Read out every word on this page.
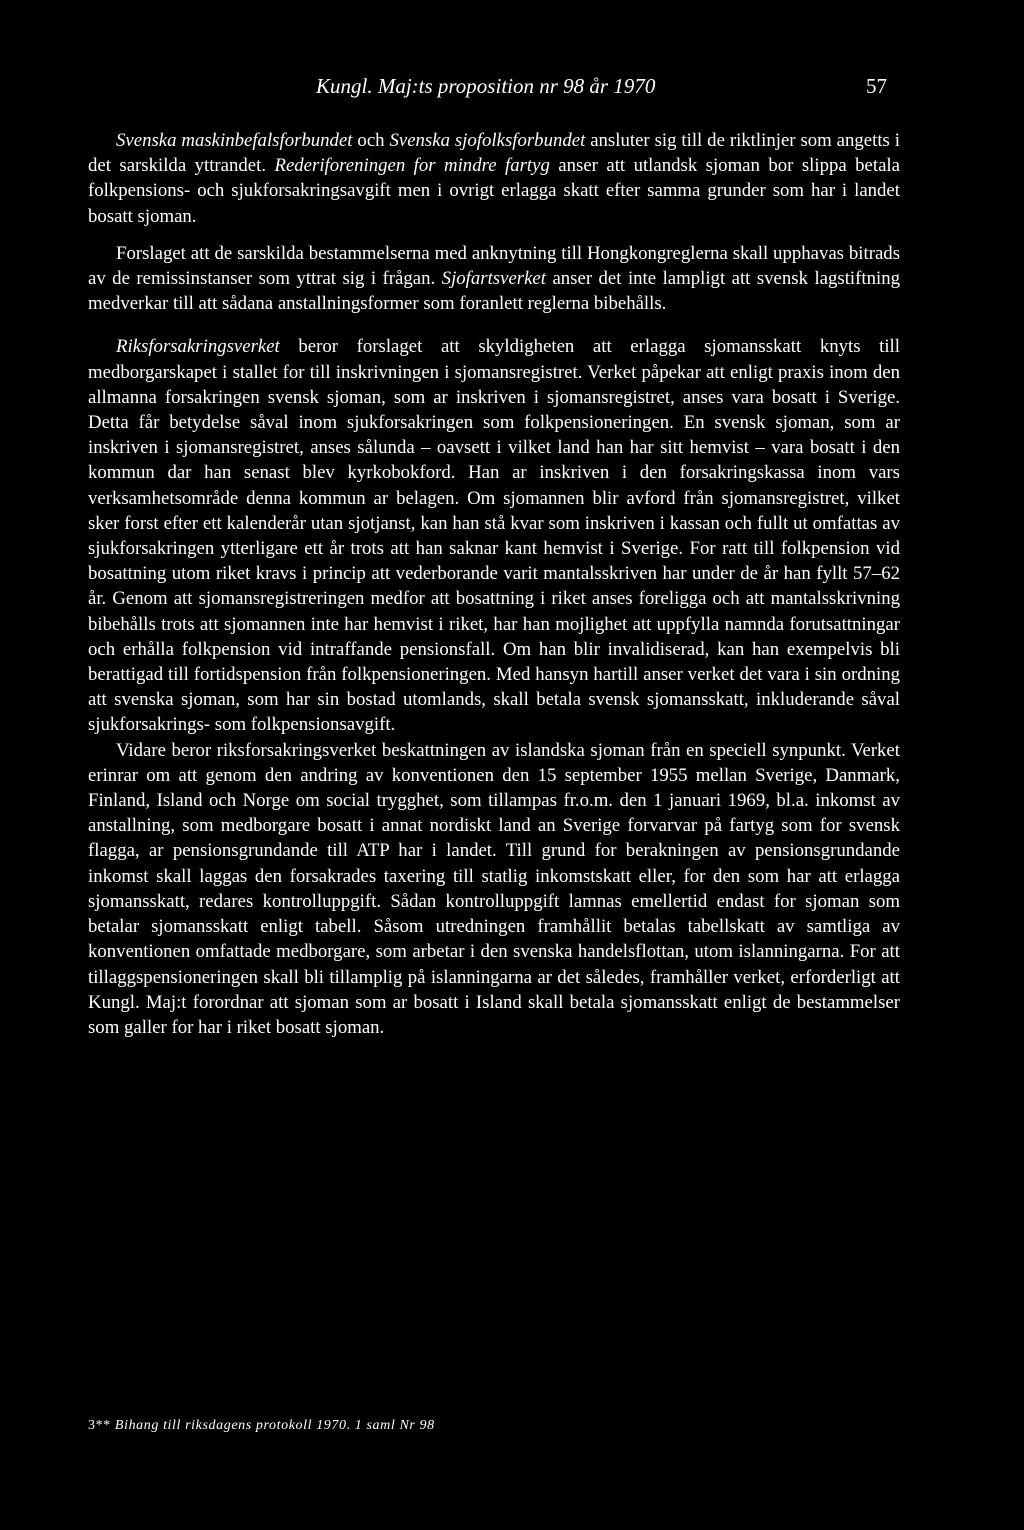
Kungl. Maj:ts proposition nr 98 år 1970	57

Svenska maskinbefalsforbundet och Svenska sjofolksforbundet ansluter sig till de riktlinjer som angetts i det sarskilda yttrandet. Rederiforeningen for mindre fartyg anser att utlandsk sjoman bor slippa betala folkpensions- och sjukforsakringsavgift men i ovrigt erlagga skatt efter samma grunder som har i landet bosatt sjoman.

Forslaget att de sarskilda bestammelserna med anknytning till Hongkongreglerna skall upphavas bitrads av de remissinstanser som yttrat sig i frågan. Sjofartsverket anser det inte lampligt att svensk lagstiftning medverkar till att sådana anstallningsformer som foranlett reglerna bibehålls.

Riksforsakringsverket beror forslaget att skyldigheten att erlagga sjomansskatt knyts till medborgarskapet i stallet for till inskrivningen i sjomansregistret. Verket påpekar att enligt praxis inom den allmanna forsakringen svensk sjoman, som ar inskriven i sjomansregistret, anses vara bosatt i Sverige. Detta får betydelse såval inom sjukforsakringen som folkpensioneringen. En svensk sjoman, som ar inskriven i sjomansregistret, anses sålunda – oavsett i vilket land han har sitt hemvist – vara bosatt i den kommun dar han senast blev kyrkobokford. Han ar inskriven i den forsakringskassa inom vars verksamhetsområde denna kommun ar belagen. Om sjomannen blir avford från sjomansregistret, vilket sker forst efter ett kalenderår utan sjotjanst, kan han stå kvar som inskriven i kassan och fullt ut omfattas av sjukforsakringen ytterligare ett år trots att han saknar kant hemvist i Sverige. For ratt till folkpension vid bosattning utom riket kravs i princip att vederborande varit mantalsskriven har under de år han fyllt 57–62 år. Genom att sjomansregistreringen medfor att bosattning i riket anses foreligga och att mantalsskrivning bibehålls trots att sjomannen inte har hemvist i riket, har han mojlighet att uppfylla namnda forutsattningar och erhålla folkpension vid intraffande pensionsfall. Om han blir invalidiserad, kan han exempelvis bli berattigad till fortidspension från folkpensioneringen. Med hansyn hartill anser verket det vara i sin ordning att svenska sjoman, som har sin bostad utomlands, skall betala svensk sjomansskatt, inkluderande såval sjukforsakrings- som folkpensionsavgift.

Vidare beror riksforsakringsverket beskattningen av islandska sjoman från en speciell synpunkt. Verket erinrar om att genom den andring av konventionen den 15 september 1955 mellan Sverige, Danmark, Finland, Island och Norge om social trygghet, som tillampas fr.o.m. den 1 januari 1969, bl.a. inkomst av anstallning, som medborgare bosatt i annat nordiskt land an Sverige forvarvar på fartyg som for svensk flagga, ar pensionsgrundande till ATP har i landet. Till grund for berakningen av pensionsgrundande inkomst skall laggas den forsakrades taxering till statlig inkomstskatt eller, for den som har att erlagga sjomansskatt, redares kontrolluppgift. Sådan kontrolluppgift lamnas emellertid endast for sjoman som betalar sjomansskatt enligt tabell. Såsom utredningen framhållit betalas tabellskatt av samtliga av konventionen omfattade medborgare, som arbetar i den svenska handelsflottan, utom islanningarna. For att tillaggspensioneringen skall bli tillamplig på islanningarna ar det således, framhåller verket, erforderligt att Kungl. Maj:t forordnar att sjoman som ar bosatt i Island skall betala sjomansskatt enligt de bestammelser som galler for har i riket bosatt sjoman.

3** Bihang till riksdagens protokoll 1970. 1 saml Nr 98
